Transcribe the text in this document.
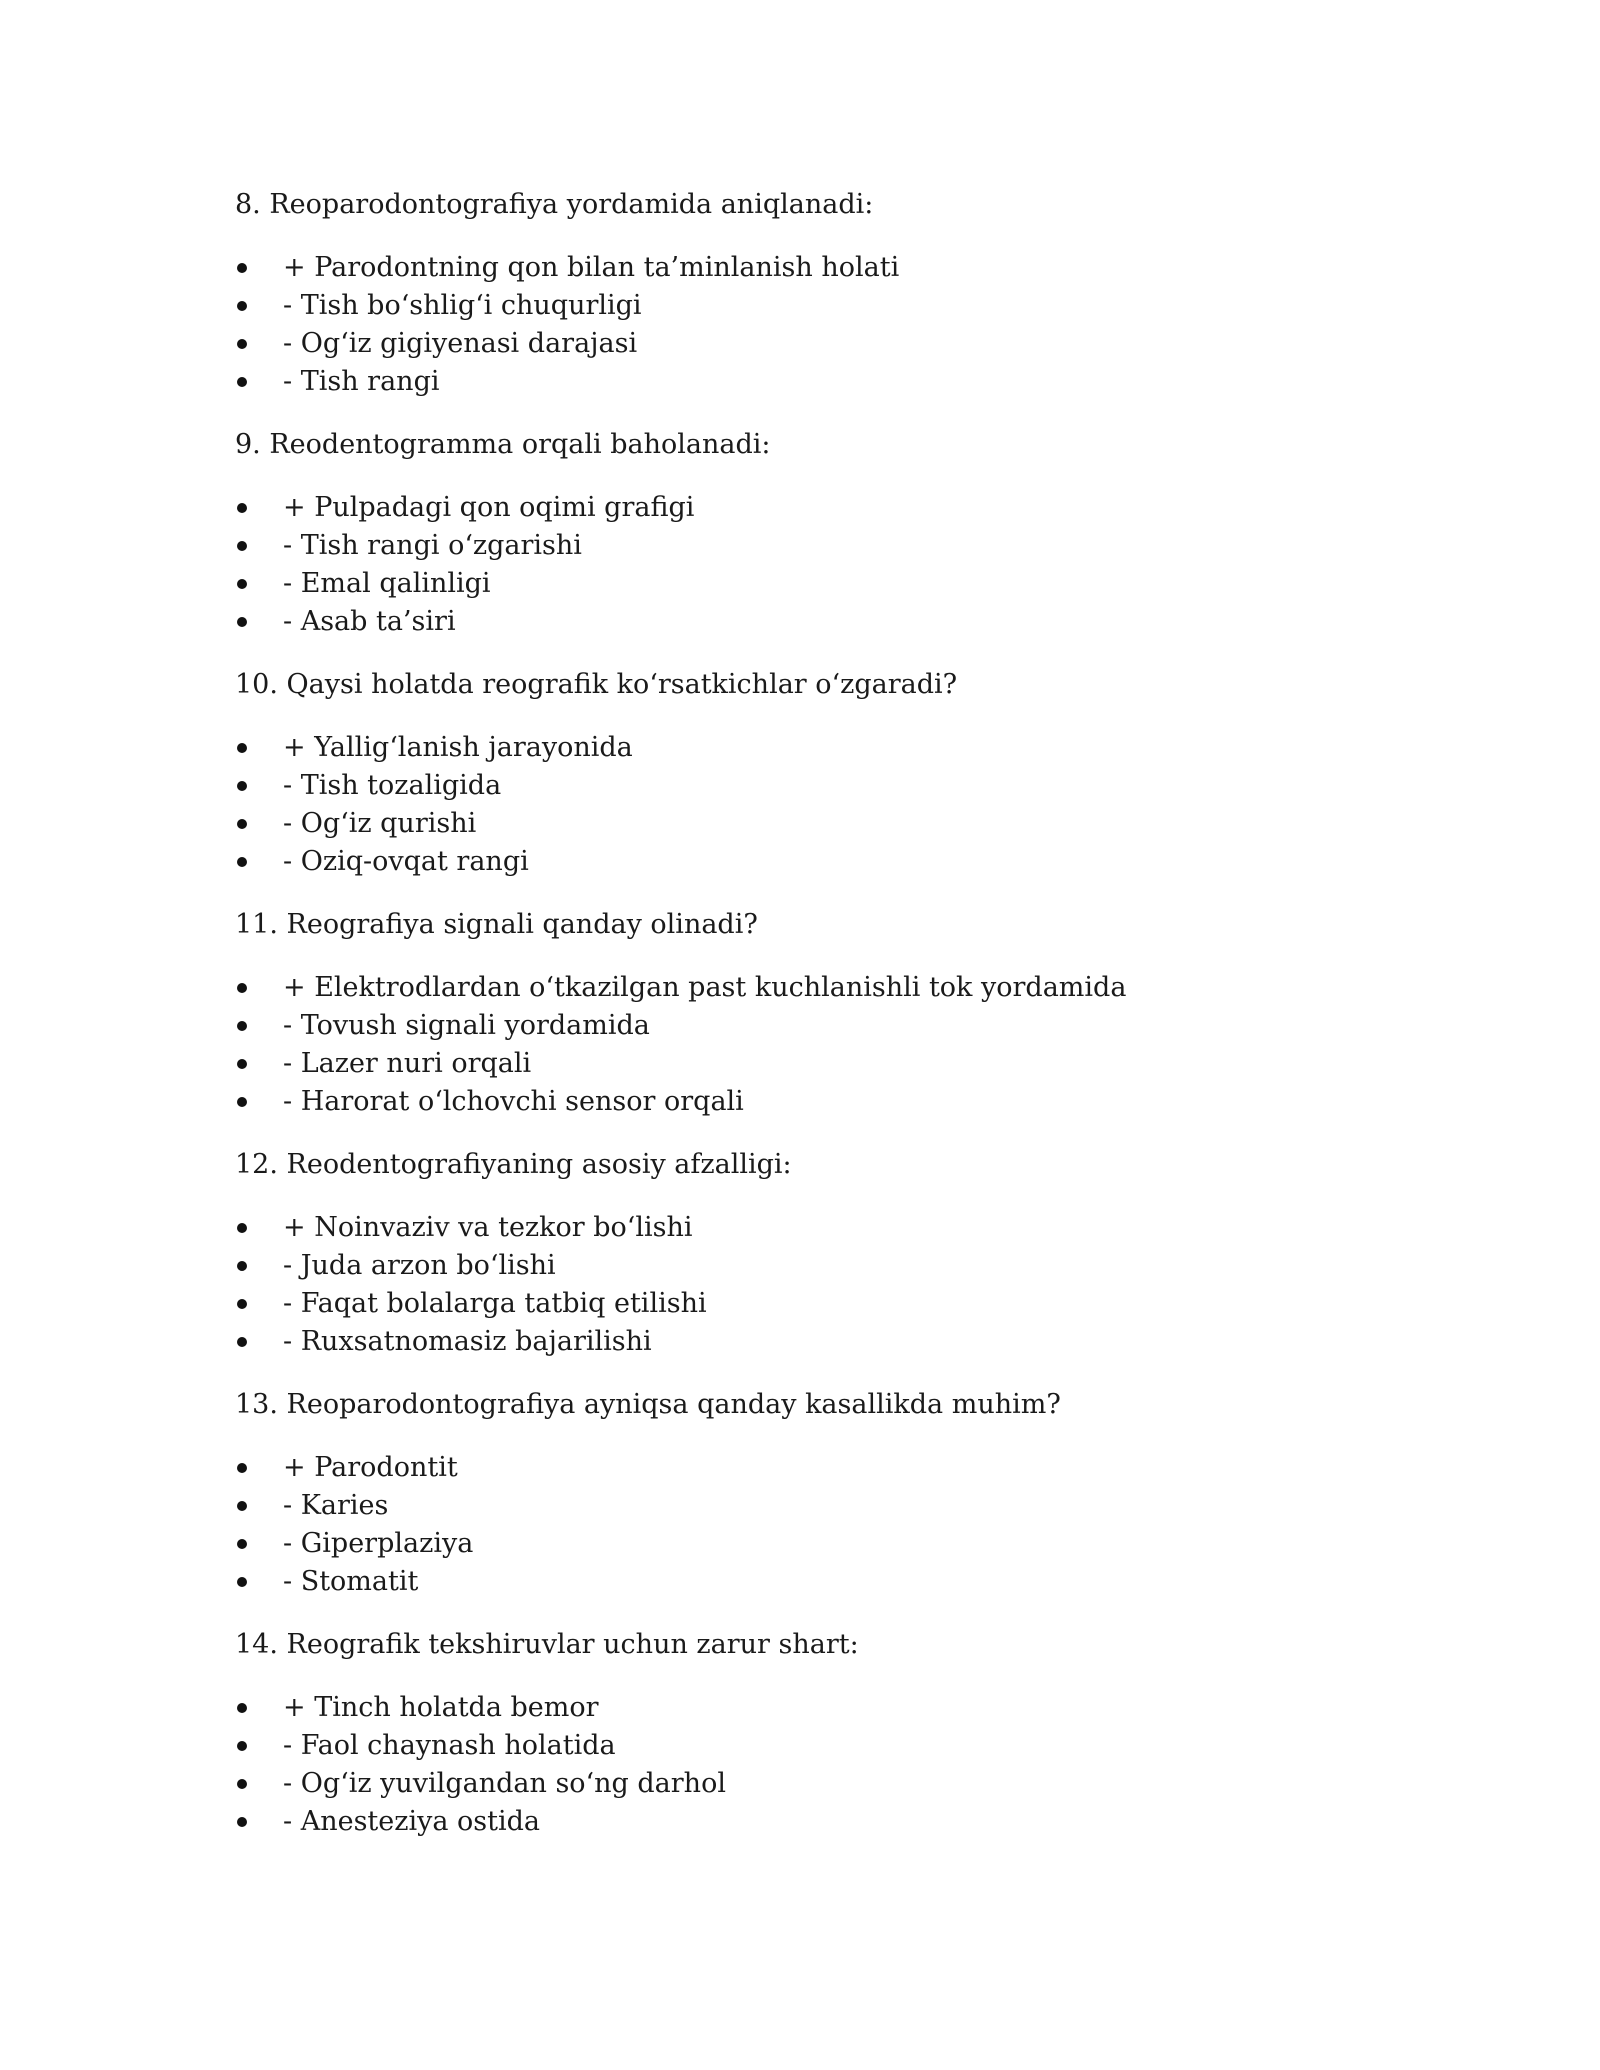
8. Reoparodontografiya yordamida aniqlanadi:

+ Parodontning qon bilan ta’minlanish holati
- Tish bo‘shlig‘i chuqurligi
- Og‘iz gigiyenasi darajasi
- Tish rangi

9. Reodentogramma orqali baholanadi:

+ Pulpadagi qon oqimi grafigi
- Tish rangi o‘zgarishi
- Emal qalinligi
- Asab ta’siri

10. Qaysi holatda reografik ko‘rsatkichlar o‘zgaradi?

+ Yallig‘lanish jarayonida
- Tish tozaligida
- Og‘iz qurishi
- Oziq-ovqat rangi

11. Reografiya signali qanday olinadi?

+ Elektrodlardan o‘tkazilgan past kuchlanishli tok yordamida
- Tovush signali yordamida
- Lazer nuri orqali
- Harorat o‘lchovchi sensor orqali

12. Reodentografiyaning asosiy afzalligi:

+ Noinvaziv va tezkor bo‘lishi
- Juda arzon bo‘lishi
- Faqat bolalarga tatbiq etilishi
- Ruxsatnomasiz bajarilishi

13. Reoparodontografiya ayniqsa qanday kasallikda muhim?

+ Parodontit
- Karies
- Giperplaziya
- Stomatit

14. Reografik tekshiruvlar uchun zarur shart:

+ Tinch holatda bemor
- Faol chaynash holatida
- Og‘iz yuvilgandan so‘ng darhol
- Anesteziya ostida
